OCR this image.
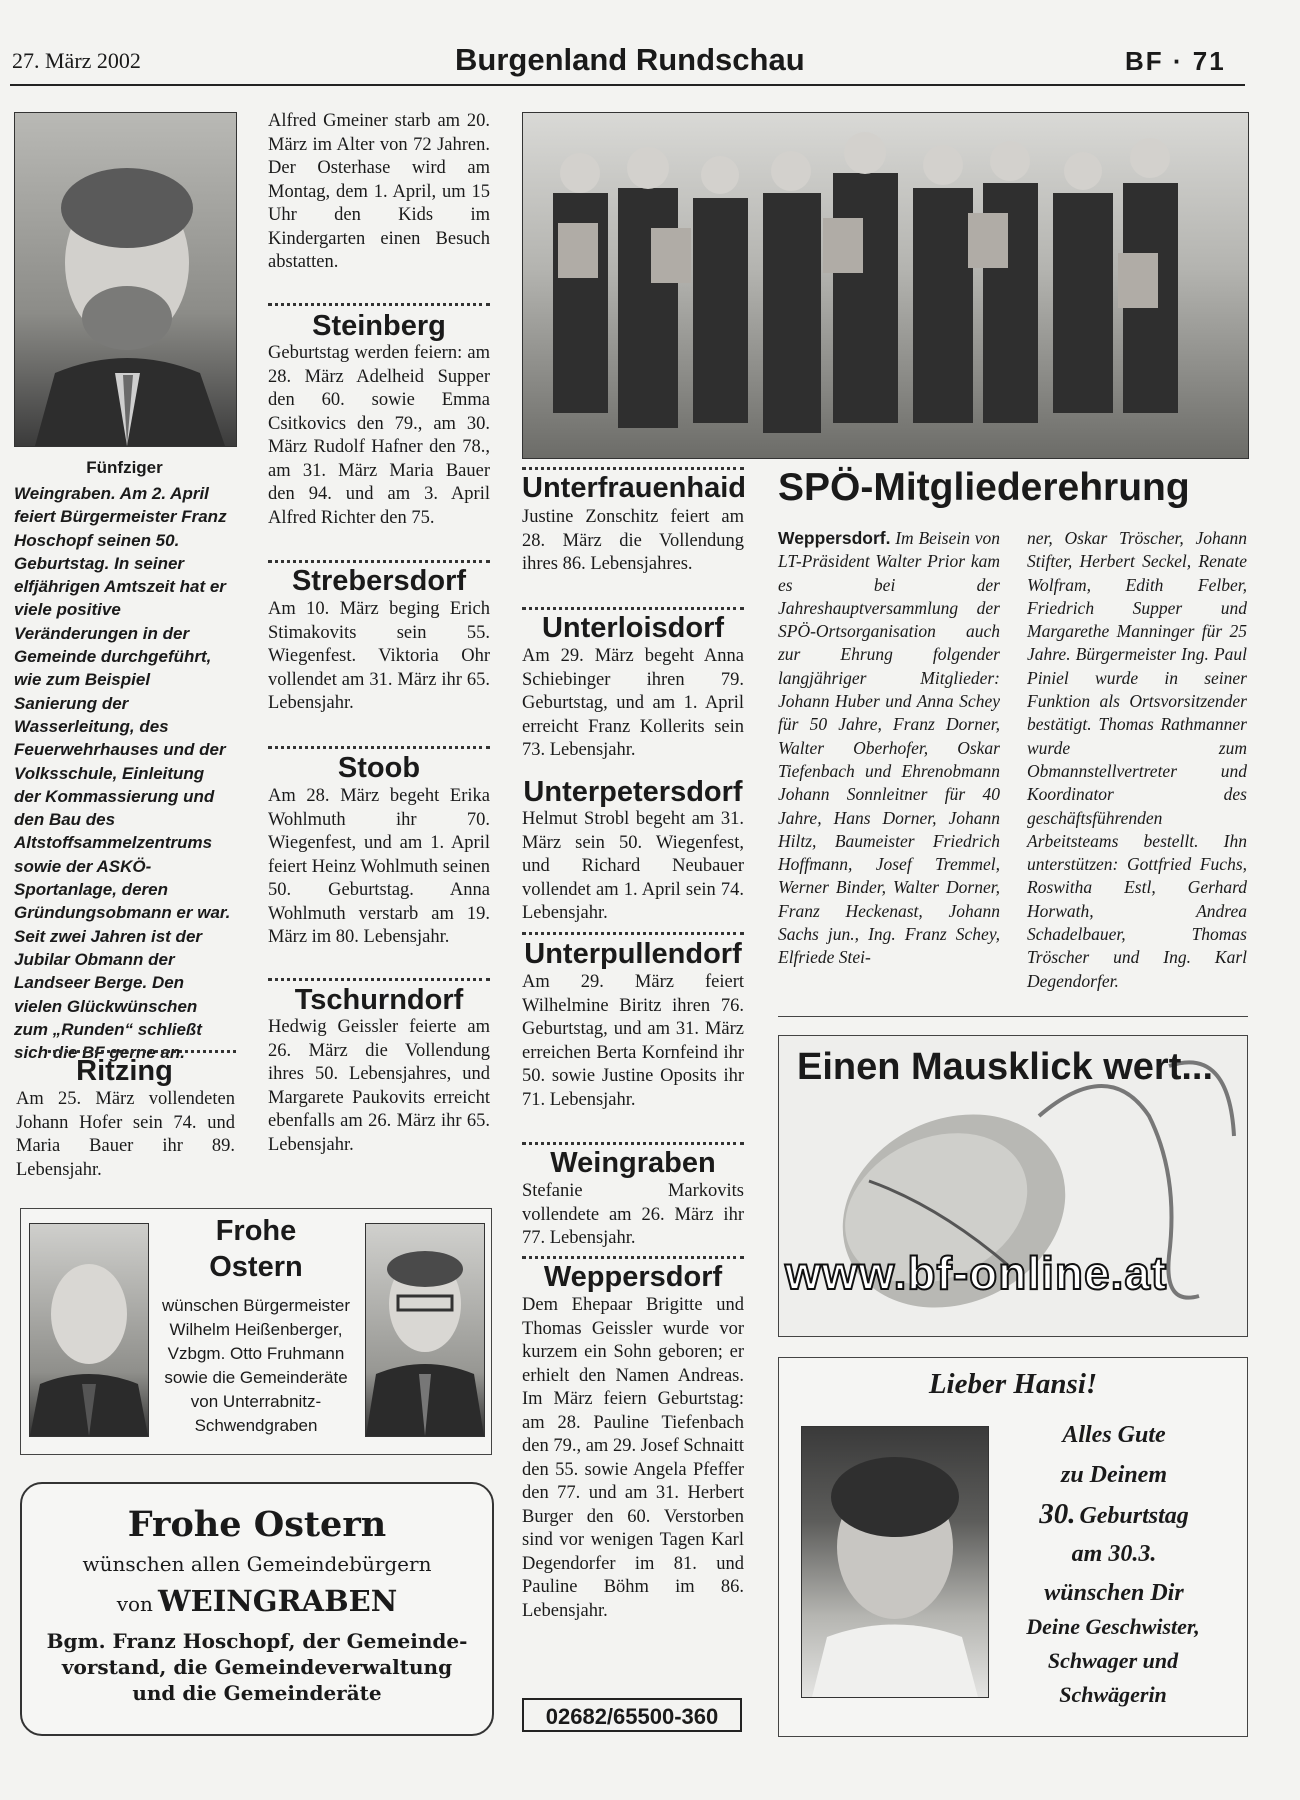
27. März 2002	Burgenland Rundschau	BF · 71

Fünfziger

Weingraben. Am 2. April feiert Bürgermeister Franz Hoschopf seinen 50. Geburtstag. In seiner elfjährigen Amtszeit hat er viele positive Veränderungen in der Gemeinde durchgeführt, wie zum Beispiel Sanierung der Wasserleitung, des Feuerwehrhauses und der Volksschule, Einleitung der Kommassierung und den Bau des Altstoffsammelzentrums sowie der ASKÖ-Sportanlage, deren Gründungsobmann er war. Seit zwei Jahren ist der Jubilar Obmann der Landseer Berge. Den vielen Glückwünschen zum „Runden“ schließt sich die BF gerne an.

Ritzing

Am 25. März vollendeten Johann Hofer sein 74. und Maria Bauer ihr 89. Lebensjahr.

Alfred Gmeiner starb am 20. März im Alter von 72 Jahren. Der Osterhase wird am Montag, dem 1. April, um 15 Uhr den Kids im Kindergarten einen Besuch abstatten.

Steinberg

Geburtstag werden feiern: am 28. März Adelheid Supper den 60. sowie Emma Csitkovics den 79., am 30. März Rudolf Hafner den 78., am 31. März Maria Bauer den 94. und am 3. April Alfred Richter den 75.

Strebersdorf

Am 10. März beging Erich Stimakovits sein 55. Wiegenfest. Viktoria Ohr vollendet am 31. März ihr 65. Lebensjahr.

Stoob

Am 28. März begeht Erika Wohlmuth ihr 70. Wiegenfest, und am 1. April feiert Heinz Wohlmuth seinen 50. Geburtstag. Anna Wohlmuth verstarb am 19. März im 80. Lebensjahr.

Tschurndorf

Hedwig Geissler feierte am 26. März die Vollendung ihres 50. Lebensjahres, und Margarete Paukovits erreicht ebenfalls am 26. März ihr 65. Lebensjahr.

Unterfrauenhaid

Justine Zonschitz feiert am 28. März die Vollendung ihres 86. Lebensjahres.

Unterloisdorf

Am 29. März begeht Anna Schiebinger ihren 79. Geburtstag, und am 1. April erreicht Franz Kollerits sein 73. Lebensjahr.

Unterpetersdorf

Helmut Strobl begeht am 31. März sein 50. Wiegenfest, und Richard Neubauer vollendet am 1. April sein 74. Lebensjahr.

Unterpullendorf

Am 29. März feiert Wilhelmine Biritz ihren 76. Geburtstag, und am 31. März erreichen Berta Kornfeind ihr 50. sowie Justine Oposits ihr 71. Lebensjahr.

Weingraben

Stefanie Markovits vollendete am 26. März ihr 77. Lebensjahr.

Weppersdorf

Dem Ehepaar Brigitte und Thomas Geissler wurde vor kurzem ein Sohn geboren; er erhielt den Namen Andreas. Im März feiern Geburtstag: am 28. Pauline Tiefenbach den 79., am 29. Josef Schnaitt den 55. sowie Angela Pfeffer den 77. und am 31. Herbert Burger den 60. Verstorben sind vor wenigen Tagen Karl Degendorfer im 81. und Pauline Böhm im 86. Lebensjahr.

02682/65500-360
SPÖ-Mitgliederehrung

Weppersdorf. Im Beisein von LT-Präsident Walter Prior kam es bei der Jahreshauptversammlung der SPÖ-Ortsorganisation auch zur Ehrung folgender langjähriger Mitglieder: Johann Huber und Anna Schey für 50 Jahre, Franz Dorner, Walter Oberhofer, Oskar Tiefenbach und Ehrenobmann Johann Sonnleitner für 40 Jahre, Hans Dorner, Johann Hiltz, Baumeister Friedrich Hoffmann, Josef Tremmel, Werner Binder, Walter Dorner, Franz Heckenast, Johann Sachs jun., Ing. Franz Schey, Elfriede Stei-

ner, Oskar Tröscher, Johann Stifter, Herbert Seckel, Renate Wolfram, Edith Felber, Friedrich Supper und Margarethe Manninger für 25 Jahre. Bürgermeister Ing. Paul Piniel wurde in seiner Funktion als Ortsvorsitzender bestätigt. Thomas Rathmanner wurde zum Obmannstellvertreter und Koordinator des geschäftsführenden Arbeitsteams bestellt. Ihn unterstützen: Gottfried Fuchs, Roswitha Estl, Gerhard Horwath, Andrea Schadelbauer, Thomas Tröscher und Ing. Karl Degendorfer.

Frohe
Ostern
wünschen Bürgermeister Wilhelm Heißenberger, Vzbgm. Otto Fruhmann sowie die Gemeinderäte von Unterrabnitz-Schwendgraben
Frohe Ostern
wünschen allen Gemeindebürgern
von WEINGRABEN
Bgm. Franz Hoschopf, der Gemeinde-
vorstand, die Gemeindeverwaltung
und die Gemeinderäte
Einen Mausklick wert...
www.bf-online.at
Lieber Hansi!
Alles Gute
zu Deinem
30. Geburtstag
am 30.3.
wünschen Dir
Deine Geschwister,
Schwager und
Schwägerin
